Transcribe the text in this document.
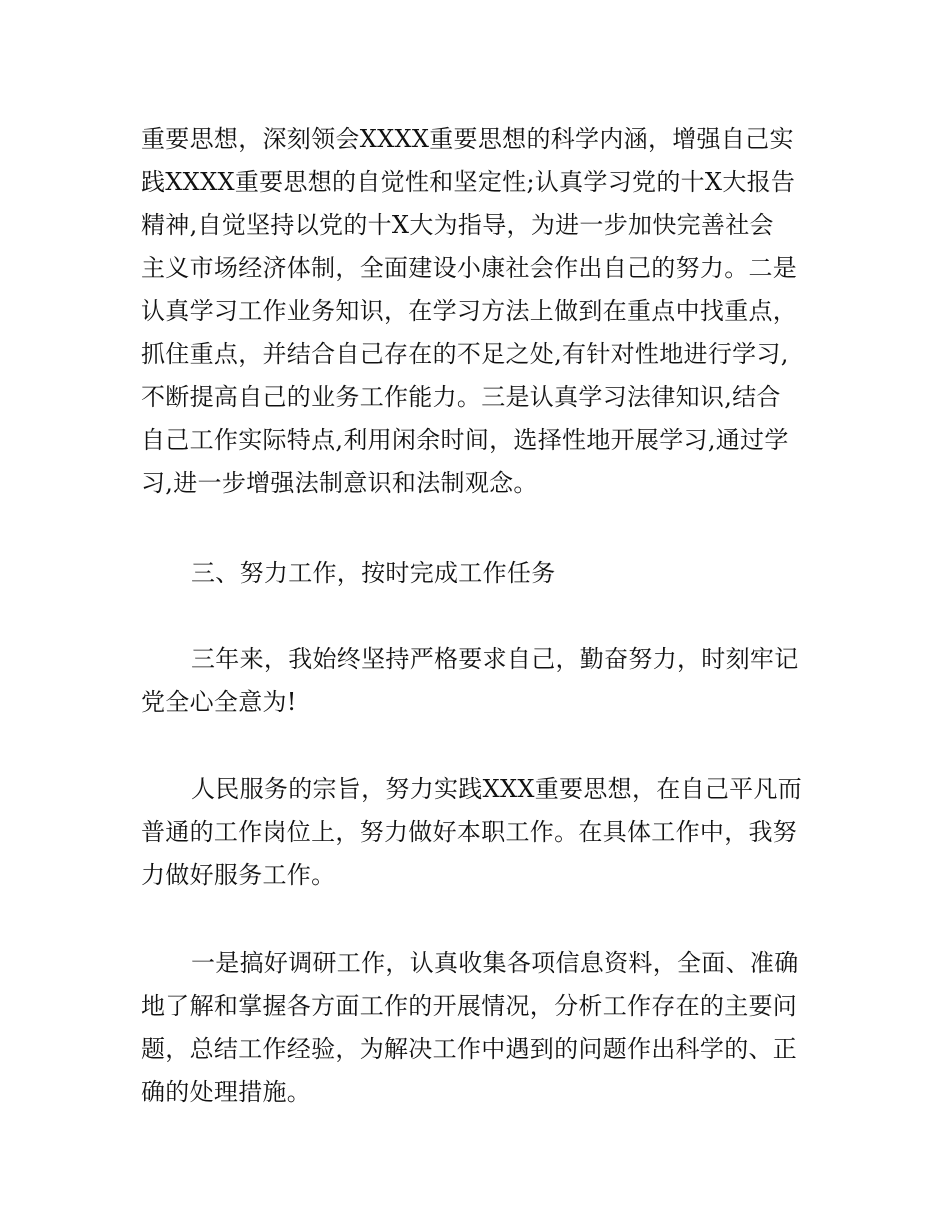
重要思想，深刻领会XXXX重要思想的科学内涵，增强自己实
践XXXX重要思想的自觉性和坚定性;认真学习党的十X大报告
精神,自觉坚持以党的十X大为指导，为进一步加快完善社会
主义市场经济体制，全面建设小康社会作出自己的努力。二是
认真学习工作业务知识，在学习方法上做到在重点中找重点，
抓住重点，并结合自己存在的不足之处,有针对性地进行学习,
不断提高自己的业务工作能力。三是认真学习法律知识,结合
自己工作实际特点,利用闲余时间，选择性地开展学习,通过学
习,进一步增强法制意识和法制观念。
三、努力工作，按时完成工作任务
三年来，我始终坚持严格要求自己，勤奋努力，时刻牢记
党全心全意为!
人民服务的宗旨，努力实践XXX重要思想，在自己平凡而
普通的工作岗位上，努力做好本职工作。在具体工作中，我努
力做好服务工作。
一是搞好调研工作，认真收集各项信息资料，全面、准确
地了解和掌握各方面工作的开展情况，分析工作存在的主要问
题，总结工作经验，为解决工作中遇到的问题作出科学的、正
确的处理措施。
